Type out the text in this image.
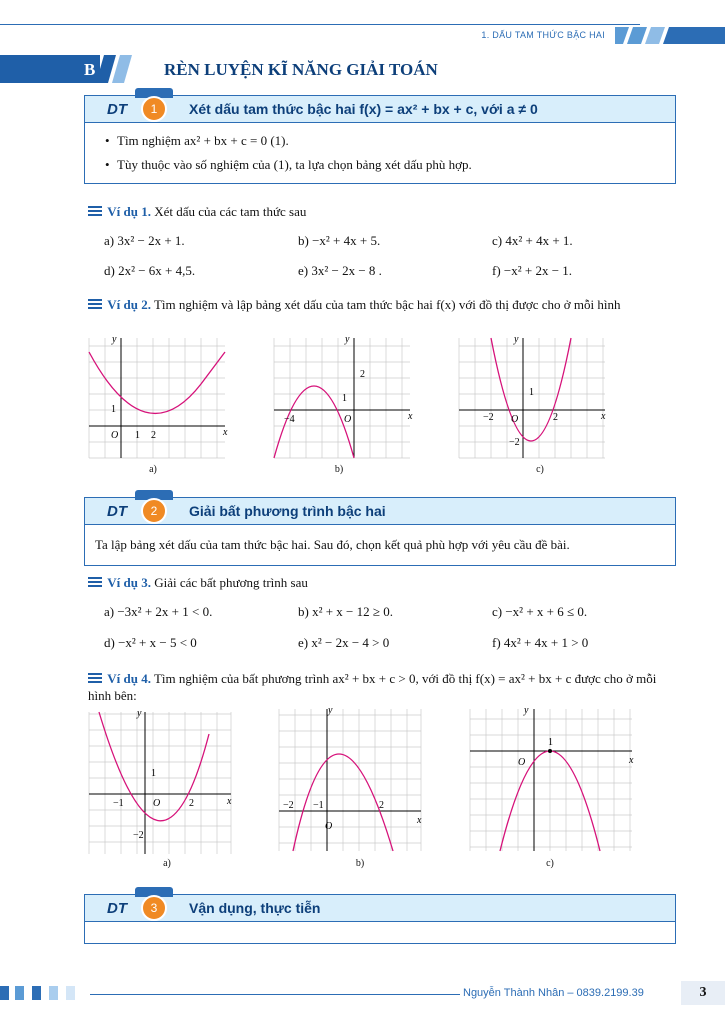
1. DẤU TAM THỨC BẬC HAI
B	RÈN LUYỆN KĨ NĂNG GIẢI TOÁN
DT	1	Xét dấu tam thức bậc hai f(x) = ax² + bx + c, với a ≠ 0
• Tìm nghiệm ax² + bx + c = 0 (1).
• Tùy thuộc vào số nghiệm của (1), ta lựa chọn bảng xét dấu phù hợp.
Ví dụ 1. Xét dấu của các tam thức sau
a) 3x² − 2x + 1.	b) −x² + 4x + 5.	c) 4x² + 4x + 1.
d) 2x² − 6x + 4,5.	e) 3x² − 2x − 8 .	f) −x² + 2x − 1.
Ví dụ 2. Tìm nghiệm và lập bảng xét dấu của tam thức bậc hai f(x) với đồ thị được cho ở mỗi hình
O	x
y
1
1 2
a)
O	x
y
2
1
−4
b)
O	x
y
1
−2	2
−2
c)
DT	2	Giải bất phương trình bậc hai
Ta lập bảng xét dấu của tam thức bậc hai. Sau đó, chọn kết quả phù hợp với yêu cầu đề bài.
Ví dụ 3. Giải các bất phương trình sau
a) −3x² + 2x + 1 < 0.	b) x² + x − 12 ≥ 0.	c) −x² + x + 6 ≤ 0.
d) −x² + x − 5 < 0	e) x² − 2x − 4 > 0	f) 4x² + 4x + 1 > 0
Ví dụ 4. Tìm nghiệm của bất phương trình ax² + bx + c > 0, với đồ thị f(x) = ax² + bx + c được cho ở mỗi hình bên:
O	x
y
1
−1	2
−2
a)
O
x
y
−2 −1	2
b)
O	x
y
1
c)
DT	3	Vận dụng, thực tiễn
Nguyễn Thành Nhân – 0839.2199.39	3
